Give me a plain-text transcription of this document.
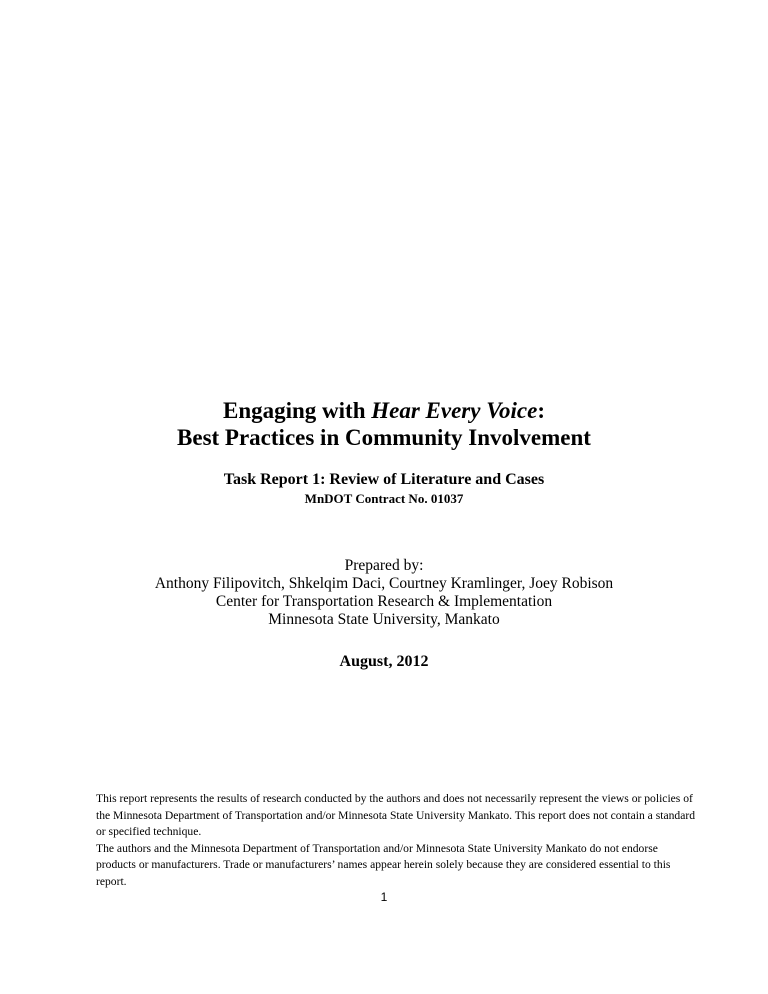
Engaging with Hear Every Voice:
Best Practices in Community Involvement
Task Report 1: Review of Literature and Cases
MnDOT Contract No. 01037
Prepared by:
Anthony Filipovitch, Shkelqim Daci, Courtney Kramlinger, Joey Robison
Center for Transportation Research & Implementation
Minnesota State University, Mankato
August, 2012

This report represents the results of research conducted by the authors and does not necessarily represent the views or policies of the Minnesota Department of Transportation and/or Minnesota State University Mankato. This report does not contain a standard or specified technique.

The authors and the Minnesota Department of Transportation and/or Minnesota State University Mankato do not endorse products or manufacturers. Trade or manufacturers’ names appear herein solely because they are considered essential to this report.

1
